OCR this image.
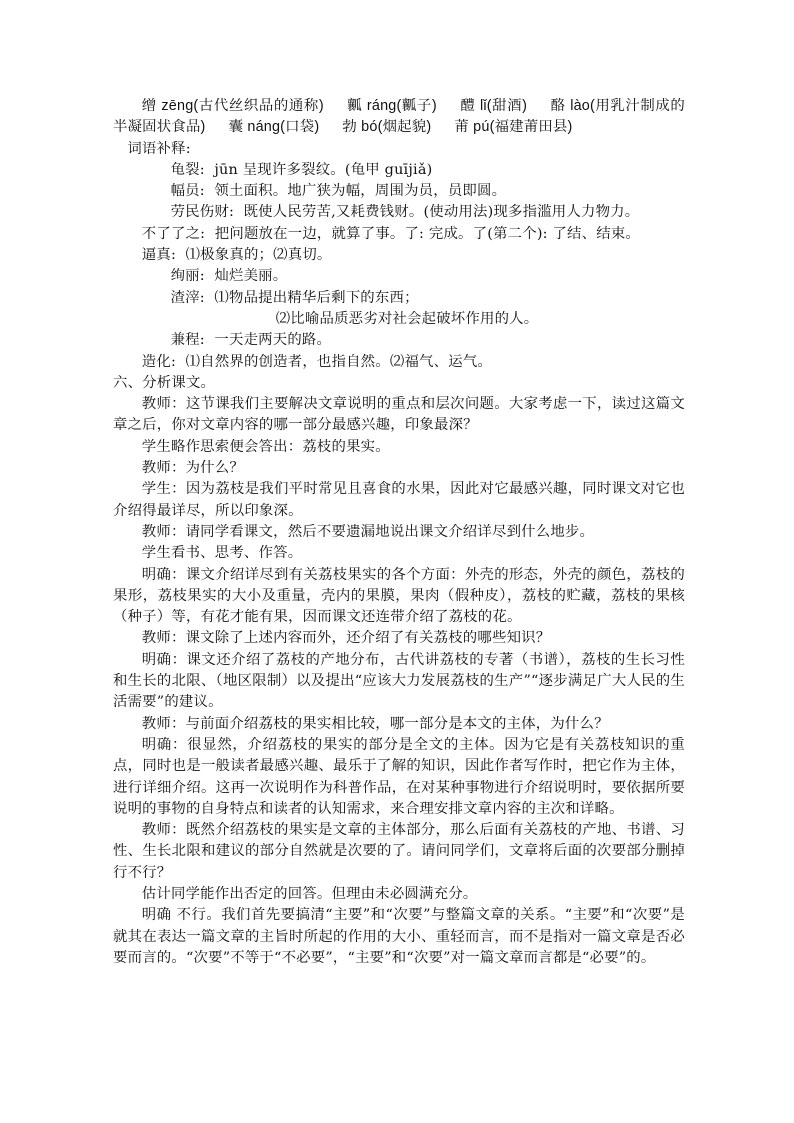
缯 zēng(古代丝织品的通称) 瓤 ráng(瓤子) 醴 lǐ(甜酒) 酪 lào(用乳汁制成的半凝固状食品) 囊 náng(口袋) 勃 bó(烟起貌) 莆 pú(福建莆田县)

词语补释:

龟裂: jūn 呈现许多裂纹。(龟甲 guījiǎ)

幅员: 领土面积。地广狭为幅，周围为员，员即圆。

劳民伤财: 既使人民劳苦,又耗费钱财。(使动用法)现多指滥用人力物力。

不了了之: 把问题放在一边，就算了事。了: 完成。了(第二个): 了结、结束。

逼真: ⑴极象真的；⑵真切。

绚丽: 灿烂美丽。

渣滓: ⑴物品提出精华后剩下的东西；

⑵比喻品质恶劣对社会起破坏作用的人。

兼程: 一天走两天的路。

造化: ⑴自然界的创造者，也指自然。⑵福气、运气。

六、分析课文。

教师：这节课我们主要解决文章说明的重点和层次问题。大家考虑一下，读过这篇文章之后，你对文章内容的哪一部分最感兴趣，印象最深？

学生略作思索便会答出：荔枝的果实。

教师：为什么？

学生：因为荔枝是我们平时常见且喜食的水果，因此对它最感兴趣，同时课文对它也介绍得最详尽，所以印象深。

教师：请同学看课文，然后不要遗漏地说出课文介绍详尽到什么地步。

学生看书、思考、作答。

明确：课文介绍详尽到有关荔枝果实的各个方面：外壳的形态，外壳的颜色，荔枝的果形，荔枝果实的大小及重量，壳内的果膜，果肉（假种皮），荔枝的贮藏，荔枝的果核（种子）等，有花才能有果，因而课文还连带介绍了荔枝的花。

教师：课文除了上述内容而外，还介绍了有关荔枝的哪些知识？

明确：课文还介绍了荔枝的产地分布，古代讲荔枝的专著（书谱），荔枝的生长习性和生长的北限、（地区限制）以及提出“应该大力发展荔枝的生产”“逐步满足广大人民的生活需要”的建议。

教师：与前面介绍荔枝的果实相比较，哪一部分是本文的主体，为什么？

明确：很显然，介绍荔枝的果实的部分是全文的主体。因为它是有关荔枝知识的重点，同时也是一般读者最感兴趣、最乐于了解的知识，因此作者写作时，把它作为主体，进行详细介绍。这再一次说明作为科普作品，在对某种事物进行介绍说明时，要依据所要说明的事物的自身特点和读者的认知需求，来合理安排文章内容的主次和详略。

教师：既然介绍荔枝的果实是文章的主体部分，那么后面有关荔枝的产地、书谱、习性、生长北限和建议的部分自然就是次要的了。请问同学们，文章将后面的次要部分删掉行不行？

估计同学能作出否定的回答。但理由未必圆满充分。

明确 不行。我们首先要搞清“主要”和“次要”与整篇文章的关系。“主要”和“次要”是就其在表达一篇文章的主旨时所起的作用的大小、重轻而言，而不是指对一篇文章是否必要而言的。“次要”不等于“不必要”，“主要”和“次要”对一篇文章而言都是“必要”的。
